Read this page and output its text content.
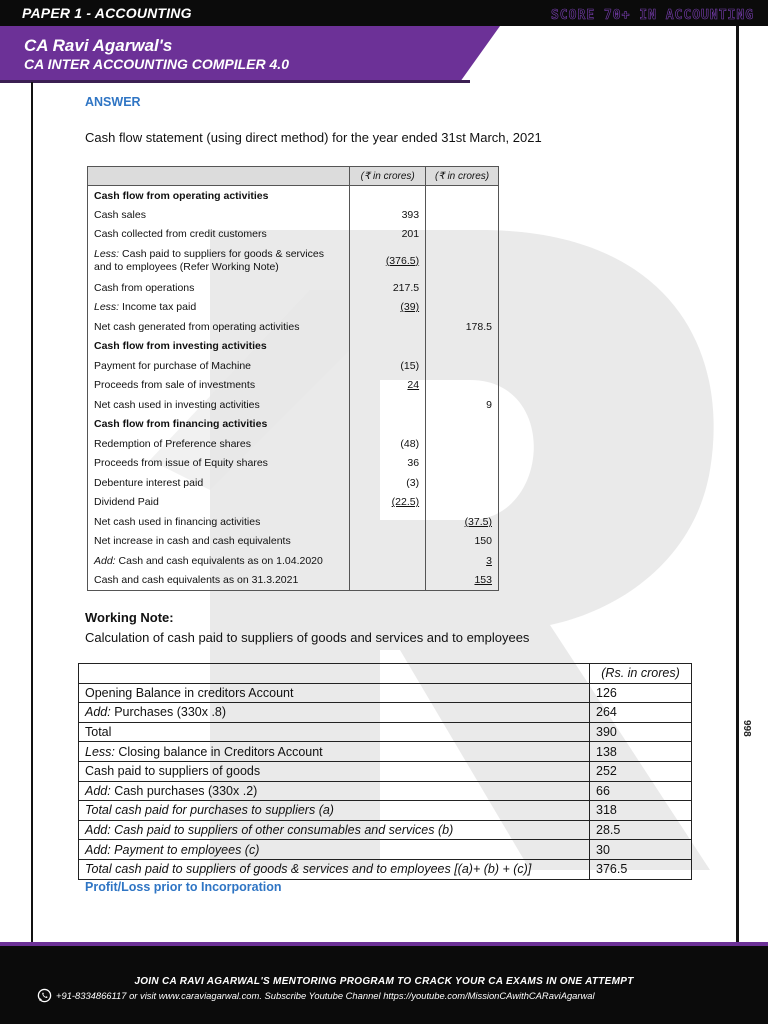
PAPER 1 - ACCOUNTING	SCORE 70+ IN ACCOUNTING
CA Ravi Agarwal's
CA INTER ACCOUNTING COMPILER 4.0
998
ANSWER
Cash flow statement (using direct method) for the year ended 31st March, 2021
	(₹ in crores)	(₹ in crores)
Cash flow from operating activities		
Cash sales	393	
Cash collected from credit customers	201	
Less: Cash paid to suppliers for goods & services and to employees (Refer Working Note)	(376.5)	
Cash from operations	217.5	
Less: Income tax paid	(39)	
Net cash generated from operating activities		178.5
Cash flow from investing activities		
Payment for purchase of Machine	(15)	
Proceeds from sale of investments	24	
Net cash used in investing activities		9
Cash flow from financing activities		
Redemption of Preference shares	(48)	
Proceeds from issue of Equity shares	36	
Debenture interest paid	(3)	
Dividend Paid	(22.5)	
Net cash used in financing activities		(37.5)
Net increase in cash and cash equivalents		150
Add: Cash and cash equivalents as on 1.04.2020		3
Cash and cash equivalents as on 31.3.2021		153
Working Note:
Calculation of cash paid to suppliers of goods and services and to employees
	(Rs. in crores)
Opening Balance in creditors Account	126
Add: Purchases (330x .8)	264
Total	390
Less: Closing balance in Creditors Account	138
Cash paid to suppliers of goods	252
Add: Cash purchases (330x .2)	66
Total cash paid for purchases to suppliers (a)	318
Add: Cash paid to suppliers of other consumables and services (b)	28.5
Add: Payment to employees (c)	30
Total cash paid to suppliers of goods & services and to employees [(a)+ (b) + (c)]	376.5
Profit/Loss prior to Incorporation
JOIN CA RAVI AGARWAL'S MENTORING PROGRAM TO CRACK YOUR CA EXAMS IN ONE ATTEMPT
+91-8334866117 or visit www.caraviagarwal.com. Subscribe Youtube Channel https://youtube.com/MissionCAwithCARaviAgarwal
